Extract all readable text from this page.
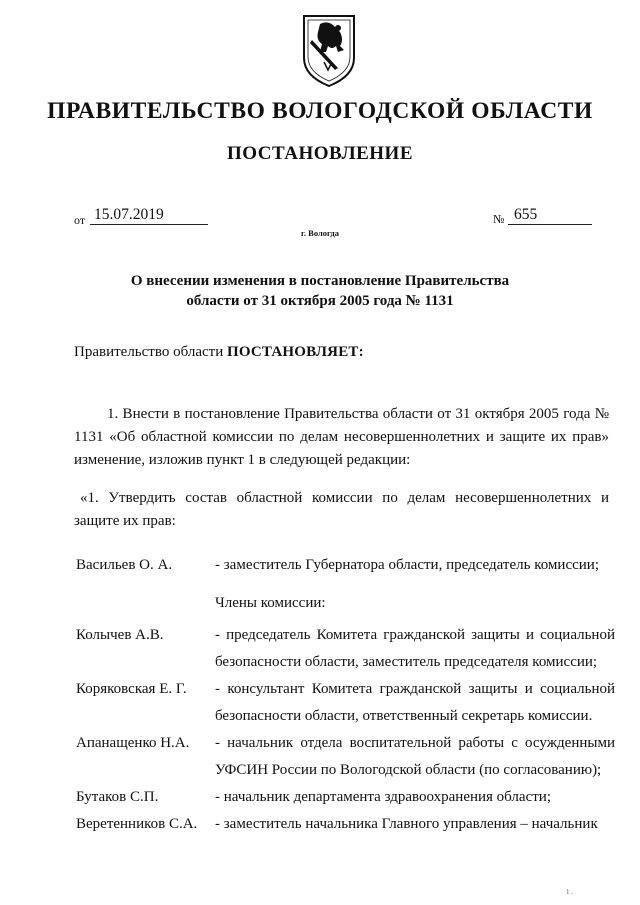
ПРАВИТЕЛЬСТВО ВОЛОГОДСКОЙ ОБЛАСТИ
ПОСТАНОВЛЕНИЕ
от 15.07.2019	№ 655
г. Вологда
О внесении изменения в постановление Правительства
области от 31 октября 2005 года № 1131
Правительство области ПОСТАНОВЛЯЕТ:
1. Внести в постановление Правительства области от 31 октября 2005 года № 1131 «Об областной комиссии по делам несовершеннолетних и защите их прав» изменение, изложив пункт 1 в следующей редакции:
«1. Утвердить состав областной комиссии по делам несовершеннолетних и защите их прав:
Васильев О. А.	- заместитель Губернатора области, председатель комиссии;
Члены комиссии:
Колычев А.В.	- председатель Комитета гражданской защиты и социальной безопасности области, заместитель председателя комиссии;
Коряковская Е. Г. - консультант Комитета гражданской защиты и социальной безопасности области, ответственный секретарь комиссии.
Апанащенко Н.А. - начальник отдела воспитательной работы с осужденными УФСИН России по Вологодской области (по согласованию);
Бутаков С.П.	- начальник департамента здравоохранения области;
Веретенников С.А. - заместитель начальника Главного управления – начальник
1 .
